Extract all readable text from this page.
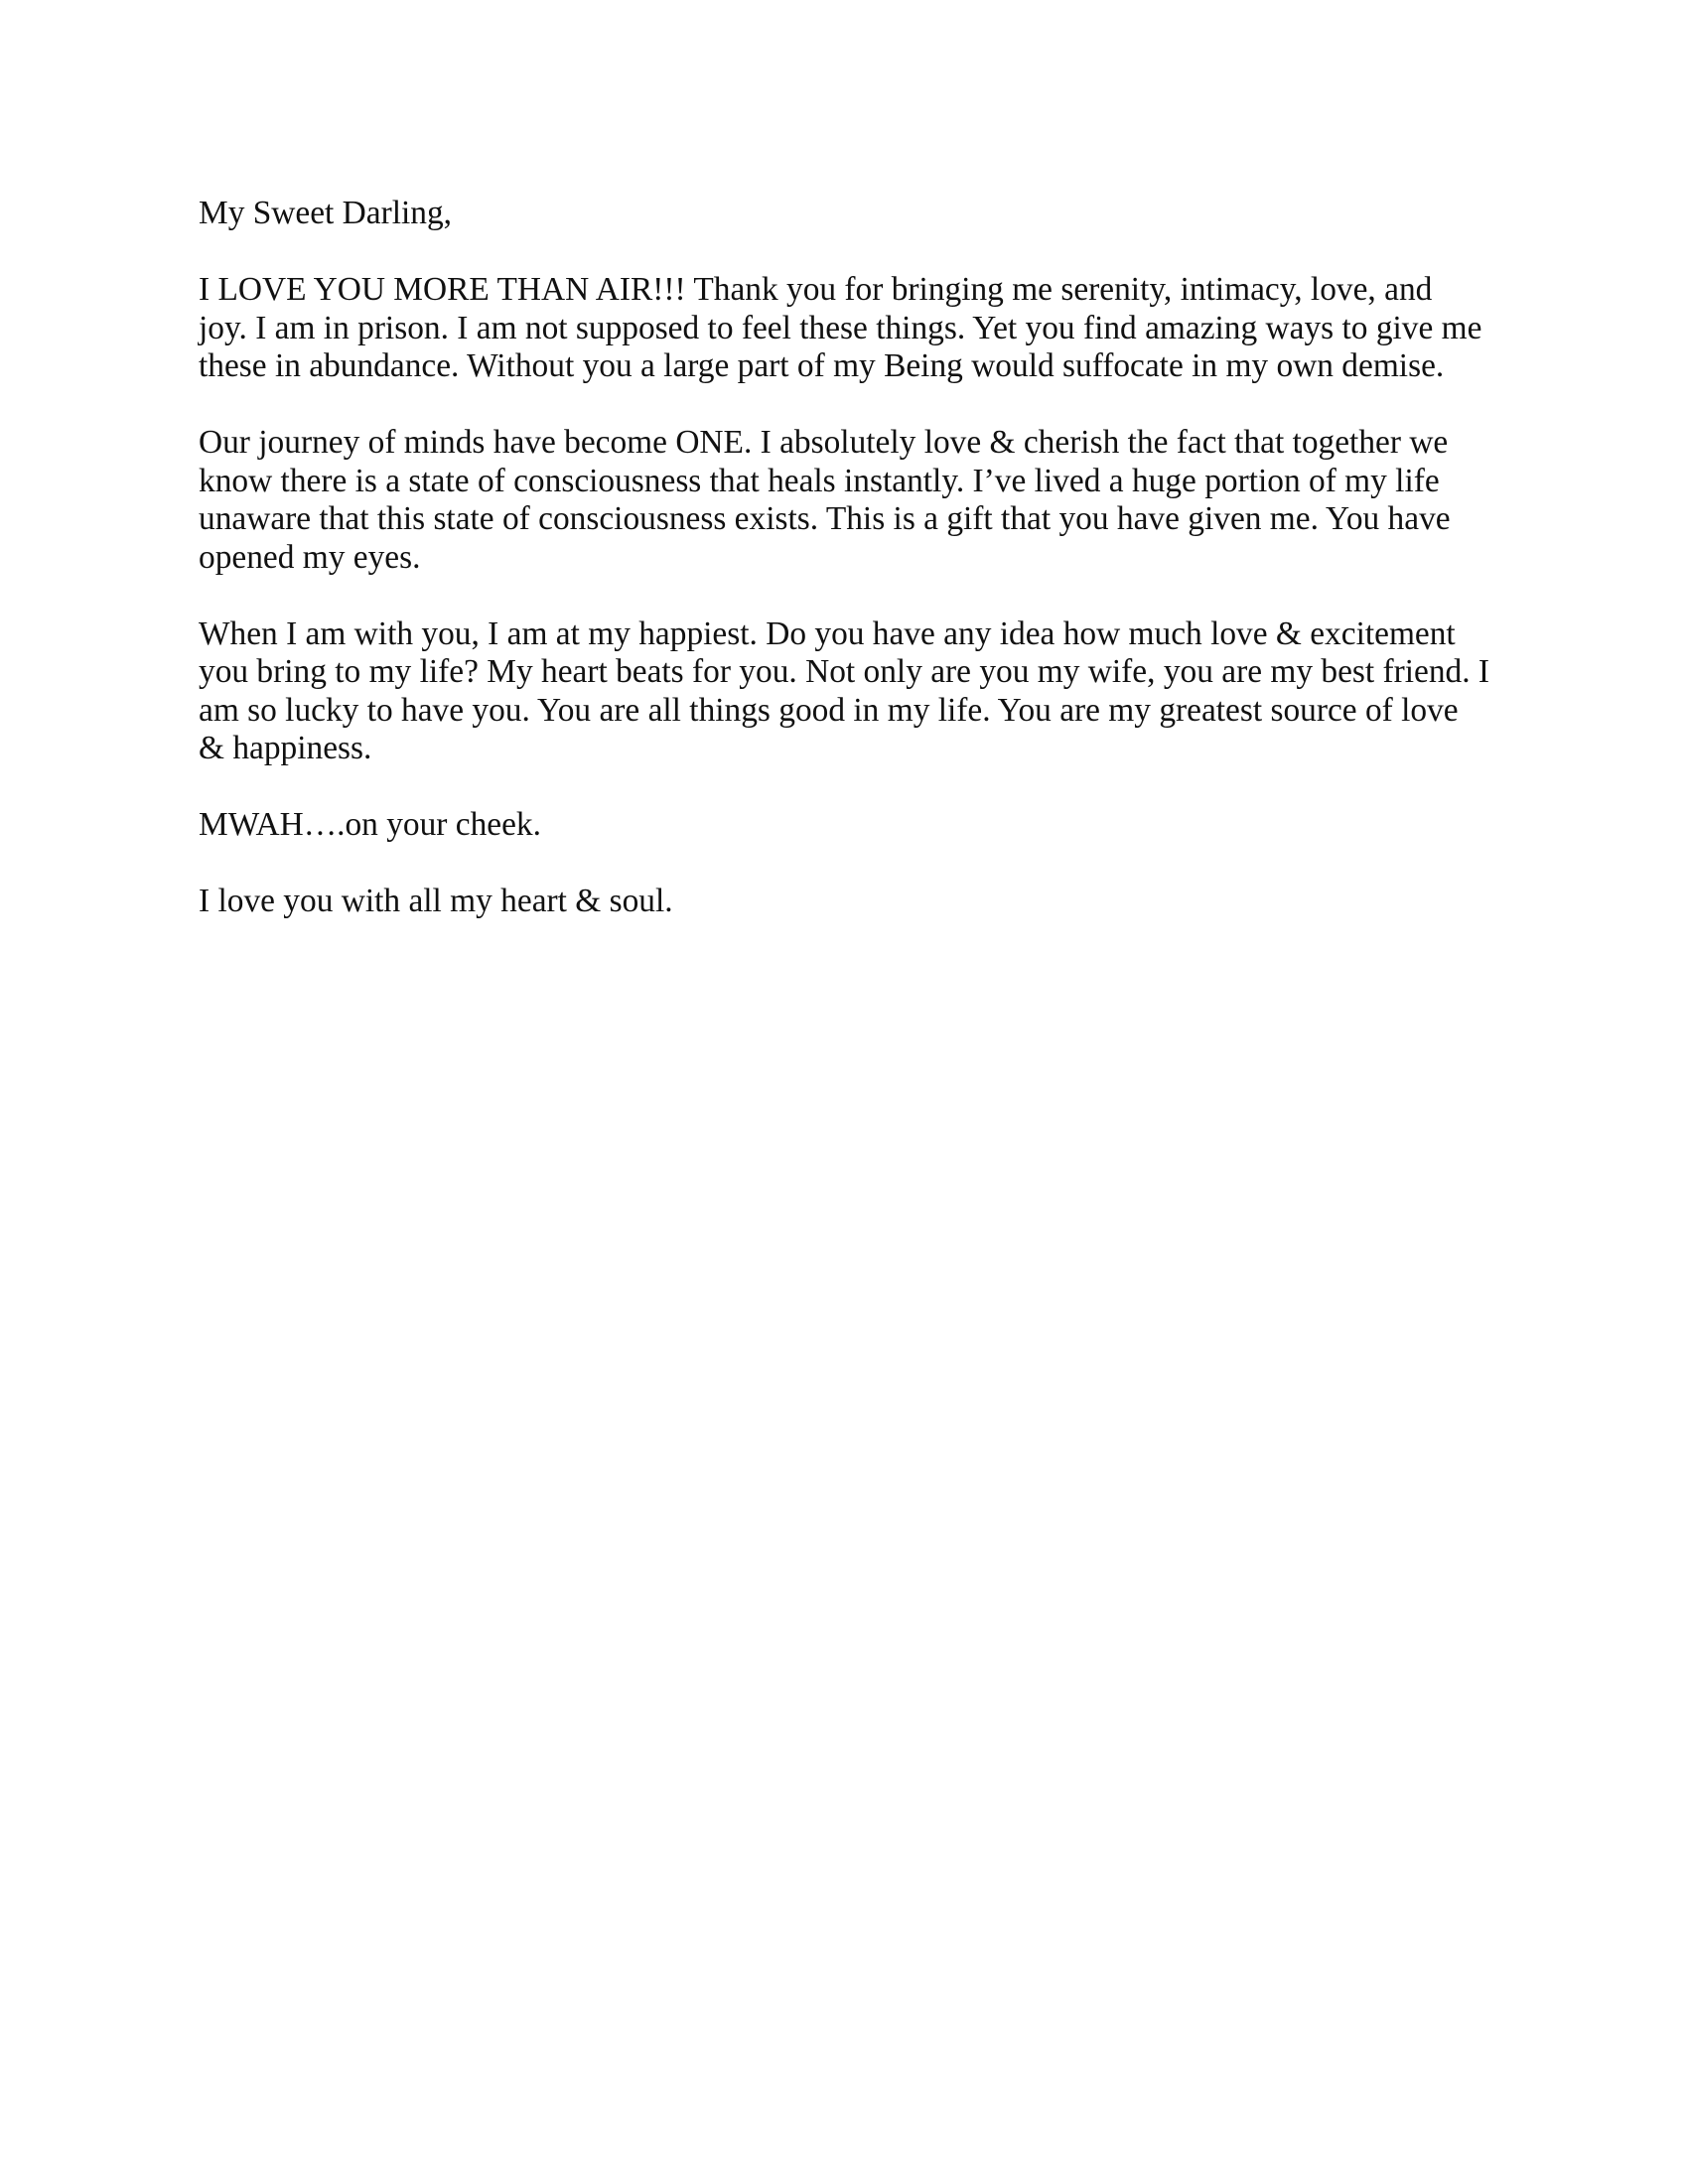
My Sweet Darling,

I LOVE YOU MORE THAN AIR!!! Thank you for bringing me serenity, intimacy, love, and
joy. I am in prison. I am not supposed to feel these things. Yet you find amazing ways to give me
these in abundance. Without you a large part of my Being would suffocate in my own demise.

Our journey of minds have become ONE. I absolutely love & cherish the fact that together we
know there is a state of consciousness that heals instantly. I’ve lived a huge portion of my life
unaware that this state of consciousness exists. This is a gift that you have given me. You have
opened my eyes.

When I am with you, I am at my happiest. Do you have any idea how much love & excitement
you bring to my life? My heart beats for you. Not only are you my wife, you are my best friend. I
am so lucky to have you. You are all things good in my life. You are my greatest source of love
& happiness.

MWAH….on your cheek.

I love you with all my heart & soul.
